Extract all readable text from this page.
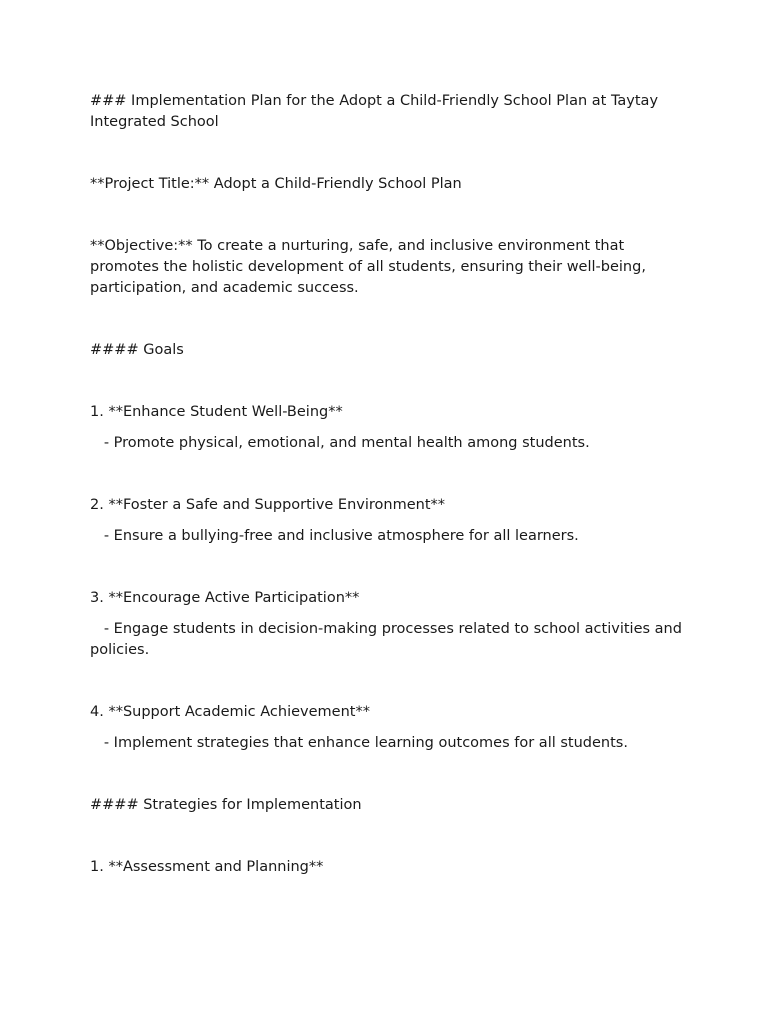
### Implementation Plan for the Adopt a Child-Friendly School Plan at Taytay Integrated School

**Project Title:** Adopt a Child-Friendly School Plan

**Objective:** To create a nurturing, safe, and inclusive environment that promotes the holistic development of all students, ensuring their well-being, participation, and academic success.

#### Goals

1. **Enhance Student Well-Being**

- Promote physical, emotional, and mental health among students.

2. **Foster a Safe and Supportive Environment**

- Ensure a bullying-free and inclusive atmosphere for all learners.

3. **Encourage Active Participation**

- Engage students in decision-making processes related to school activities and policies.

4. **Support Academic Achievement**

- Implement strategies that enhance learning outcomes for all students.

#### Strategies for Implementation

1. **Assessment and Planning**
